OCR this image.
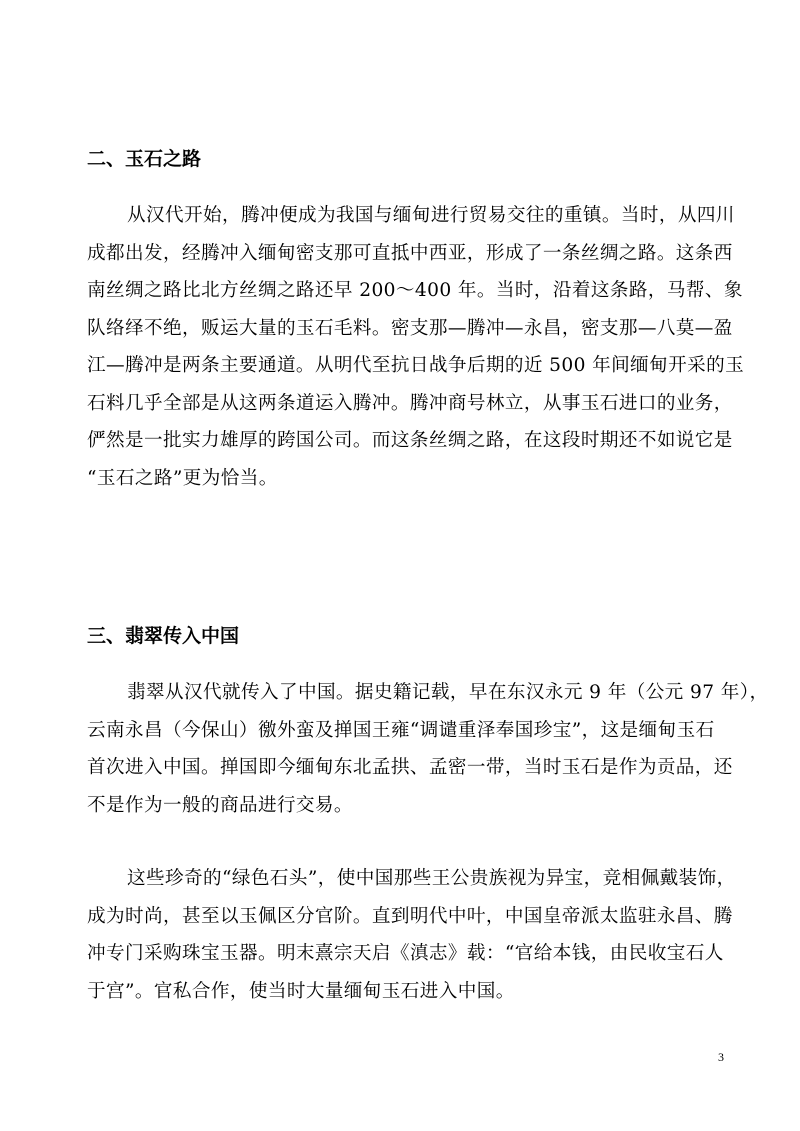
二、玉石之路
从汉代开始，腾冲便成为我国与缅甸进行贸易交往的重镇。当时，从四川
成都出发，经腾冲入缅甸密支那可直抵中西亚，形成了一条丝绸之路。这条西
南丝绸之路比北方丝绸之路还早 200～400 年。当时，沿着这条路，马帮、象
队络绎不绝，贩运大量的玉石毛料。密支那—腾冲—永昌，密支那—八莫—盈
江—腾冲是两条主要通道。从明代至抗日战争后期的近 500 年间缅甸开采的玉
石料几乎全部是从这两条道运入腾冲。腾冲商号林立，从事玉石进口的业务，
俨然是一批实力雄厚的跨国公司。而这条丝绸之路，在这段时期还不如说它是
“玉石之路”更为恰当。
三、翡翠传入中国
翡翠从汉代就传入了中国。据史籍记载，早在东汉永元 9 年（公元 97 年），
云南永昌（今保山）徼外蛮及掸国王雍“调谴重泽奉国珍宝”，这是缅甸玉石
首次进入中国。掸国即今缅甸东北孟拱、孟密一带，当时玉石是作为贡品，还
不是作为一般的商品进行交易。
这些珍奇的“绿色石头”，使中国那些王公贵族视为异宝，竞相佩戴装饰，
成为时尚，甚至以玉佩区分官阶。直到明代中叶，中国皇帝派太监驻永昌、腾
冲专门采购珠宝玉器。明末熹宗天启《滇志》载：“官给本钱，由民收宝石人
于宫”。官私合作，使当时大量缅甸玉石进入中国。
3
